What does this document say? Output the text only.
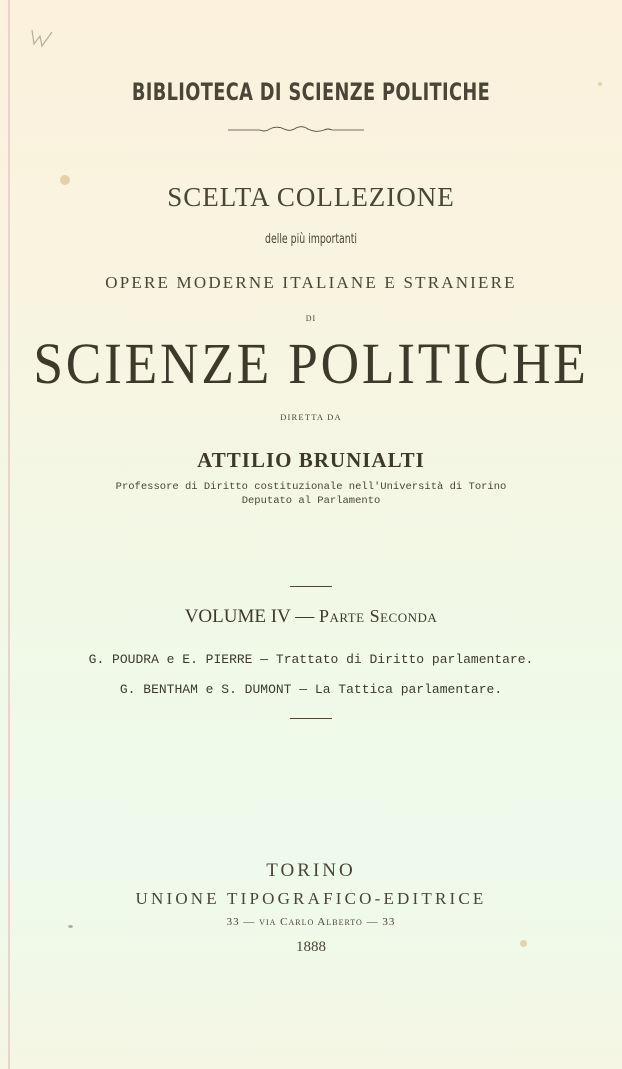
BIBLIOTECA DI SCIENZE POLITICHE
SCELTA COLLEZIONE
delle più importanti
OPERE MODERNE ITALIANE E STRANIERE
DI
SCIENZE POLITICHE
DIRETTA DA
ATTILIO BRUNIALTI
Professore di Diritto costituzionale nell'Università di Torino
Deputato al Parlamento
VOLUME IV — Parte Seconda
G. POUDRA e E. PIERRE — Trattato di Diritto parlamentare.
G. BENTHAM e S. DUMONT — La Tattica parlamentare.
TORINO
UNIONE TIPOGRAFICO-EDITRICE
33 — via Carlo Alberto — 33
1888
